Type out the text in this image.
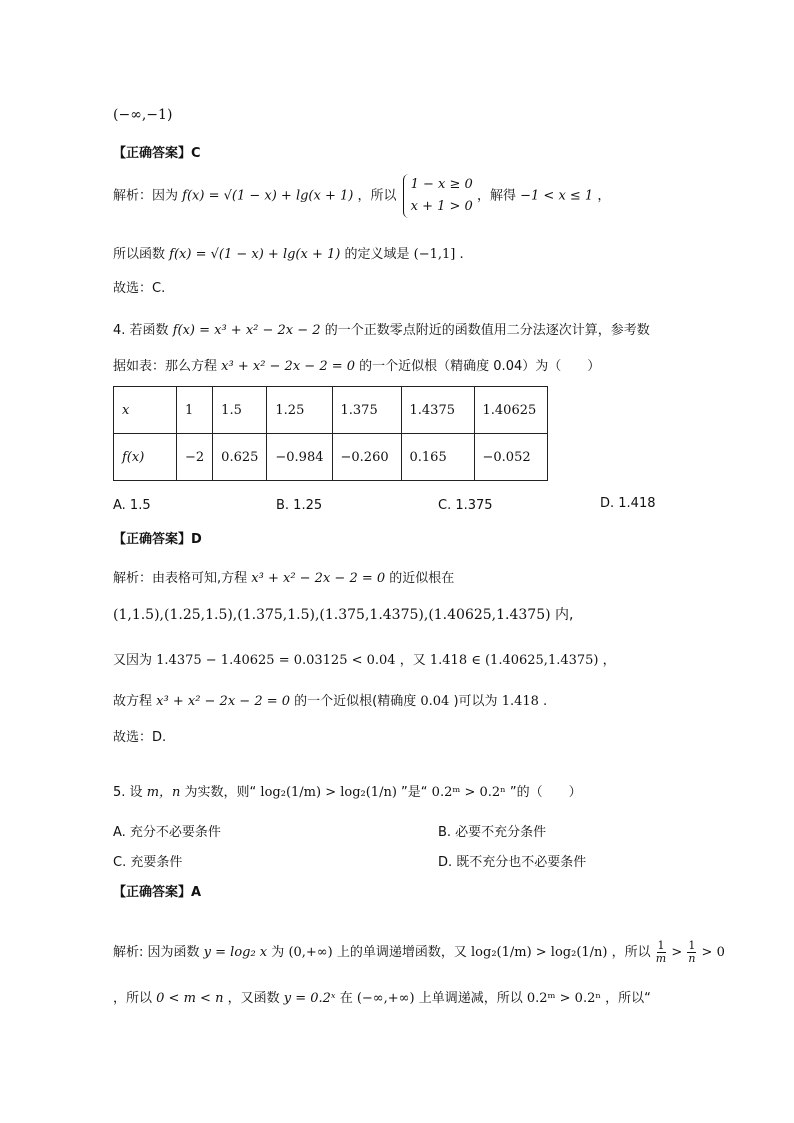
(−∞,−1)
【正确答案】C
解析：因为 f(x) = √(1 − x) + lg(x + 1) ，所以
1 − x ≥ 0
x + 1 > 0
，解得 −1 < x ≤ 1 ，
所以函数 f(x) = √(1 − x) + lg(x + 1) 的定义域是 (−1,1] .
故选：C.
4. 若函数 f(x) = x³ + x² − 2x − 2 的一个正数零点附近的函数值用二分法逐次计算，参考数
据如表：那么方程 x³ + x² − 2x − 2 = 0 的一个近似根（精确度 0.04）为（　　）
x	1	1.5	1.25	1.375	1.4375	1.40625
f(x)	−2	0.625	−0.984	−0.260	0.165	−0.052
A. 1.5	B. 1.25	C. 1.375	D. 1.418
【正确答案】D
解析：由表格可知,方程 x³ + x² − 2x − 2 = 0 的近似根在
(1,1.5),(1.25,1.5),(1.375,1.5),(1.375,1.4375),(1.40625,1.4375) 内,
又因为 1.4375 − 1.40625 = 0.03125 < 0.04 ，又 1.418 ∈ (1.40625,1.4375) ，
故方程 x³ + x² − 2x − 2 = 0 的一个近似根(精确度 0.04 )可以为 1.418 .
故选：D.
5. 设 m，n 为实数，则“ log₂(1/m) > log₂(1/n) ”是“ 0.2ᵐ > 0.2ⁿ ”的（　　）
A. 充分不必要条件	B. 必要不充分条件
C. 充要条件	D. 既不充分也不必要条件
【正确答案】A
解析: 因为函数 y = log₂ x 为 (0,+∞) 上的单调递增函数，又 log₂(1/m) > log₂(1/n) ，所以 $\frac{1}{m} > \frac{1}{n} > 0$
，所以 0 < m < n ，又函数 y = 0.2ˣ 在 (−∞,+∞) 上单调递减，所以 0.2ᵐ > 0.2ⁿ ，所以“
